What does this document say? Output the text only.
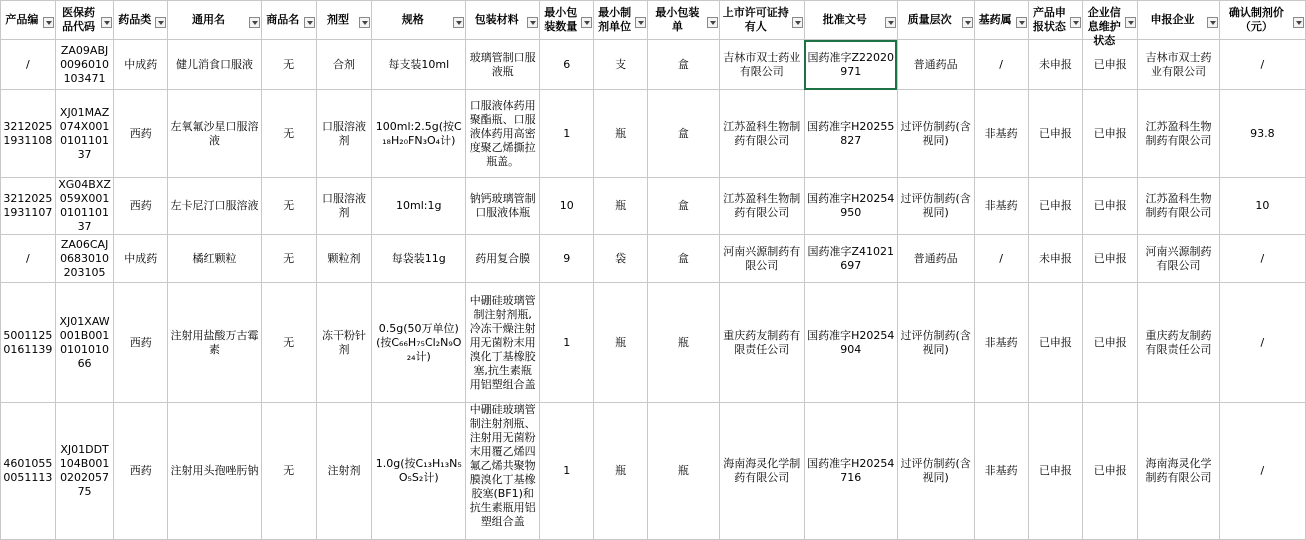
产品编	医保药品代码	药品类	通用名	商品名	剂型	规格	包装材料	最小包装数量	最小制剂单位	最小包装单	上市许可证持有人	批准文号	质量层次	基药属	产品申报状态	企业信息维护状态	申报企业	确认制剂价（元）

/	ZA09ABJ0096010103471	中成药	健儿消食口服液	无	合剂	每支装10ml	玻璃管制口服液瓶	6	支	盒	吉林市双士药业有限公司	国药准字Z22020971	普通药品	/	未申报	已申报	吉林市双士药业有限公司	/
32120251931108	XJ01MAZ074X001010110137	西药	左氧氟沙星口服溶液	无	口服溶液剂	100ml:2.5g(按C₁₈H₂₀FN₃O₄计)	口服液体药用聚酯瓶、口服液体药用高密度聚乙烯撕拉瓶盖。	1	瓶	盒	江苏盈科生物制药有限公司	国药准字H20255827	过评仿制药(含视同)	非基药	已申报	已申报	江苏盈科生物制药有限公司	93.8
32120251931107	XG04BXZ059X001010110137	西药	左卡尼汀口服溶液	无	口服溶液剂	10ml:1g	钠钙玻璃管制口服液体瓶	10	瓶	盒	江苏盈科生物制药有限公司	国药准字H20254950	过评仿制药(含视同)	非基药	已申报	已申报	江苏盈科生物制药有限公司	10
/	ZA06CAJ0683010203105	中成药	橘红颗粒	无	颗粒剂	每袋装11g	药用复合膜	9	袋	盒	河南兴源制药有限公司	国药准字Z41021697	普通药品	/	未申报	已申报	河南兴源制药有限公司	/
50011250161139	XJ01XAW001B001010101066	西药	注射用盐酸万古霉素	无	冻干粉针剂	0.5g(50万单位)(按C₆₆H₇₅Cl₂N₉O₂₄计)	中硼硅玻璃管制注射剂瓶,冷冻干燥注射用无菌粉末用溴化丁基橡胶塞,抗生素瓶用铝塑组合盖	1	瓶	瓶	重庆药友制药有限责任公司	国药准字H20254904	过评仿制药(含视同)	非基药	已申报	已申报	重庆药友制药有限责任公司	/
46010550051113	XJ01DDT104B001020205775	西药	注射用头孢唑肟钠	无	注射剂	1.0g(按C₁₃H₁₃N₅O₅S₂计)	中硼硅玻璃管制注射剂瓶、注射用无菌粉末用覆乙烯四氟乙烯共聚物膜溴化丁基橡胶塞(BF1)和抗生素瓶用铝塑组合盖	1	瓶	瓶	海南海灵化学制药有限公司	国药准字H20254716	过评仿制药(含视同)	非基药	已申报	已申报	海南海灵化学制药有限公司	/
